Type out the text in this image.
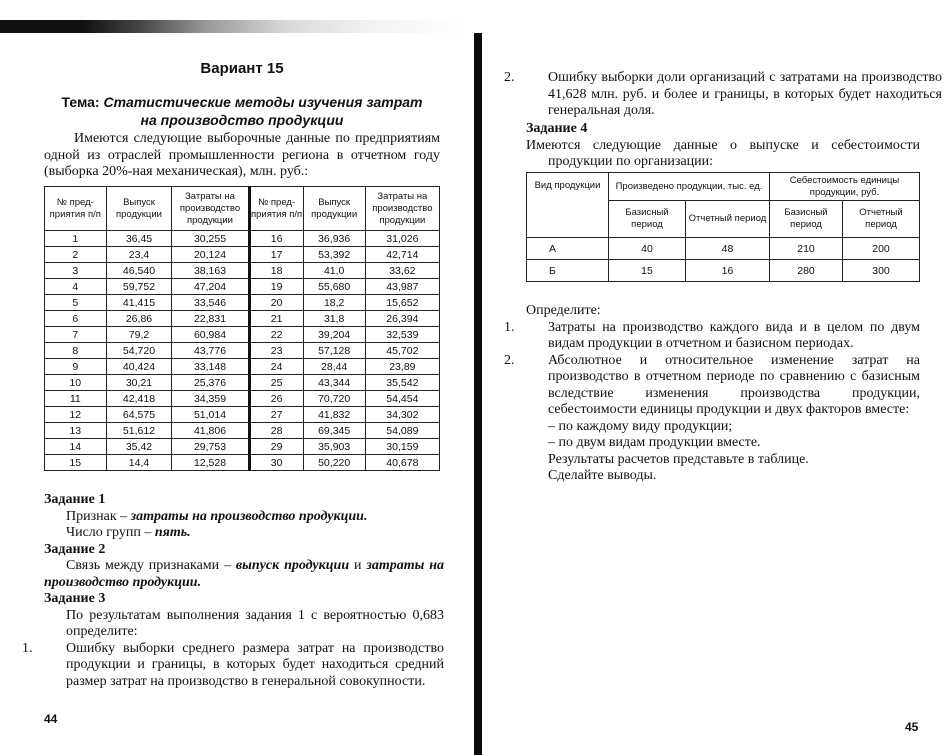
Вариант 15
Тема: Статистические методы изучения затрат
на производство продукции
Имеются следующие выборочные данные по предприятиям одной из отраслей промышленности региона в отчетном году (выборка 20%-ная механическая), млн. руб.:
№ пред-приятия п/п	Выпуск продукции	Затраты на производство продукции	№ пред-приятия п/п	Выпуск продукции	Затраты на производство продукции
1	36,45	30,255	16	36,936	31,026
2	23,4	20,124	17	53,392	42,714
3	46,540	38,163	18	41,0	33,62
4	59,752	47,204	19	55,680	43,987
5	41,415	33,546	20	18,2	15,652
6	26,86	22,831	21	31,8	26,394
7	79,2	60,984	22	39,204	32,539
8	54,720	43,776	23	57,128	45,702
9	40,424	33,148	24	28,44	23,89
10	30,21	25,376	25	43,344	35,542
11	42,418	34,359	26	70,720	54,454
12	64,575	51,014	27	41,832	34,302
13	51,612	41,806	28	69,345	54,089
14	35,42	29,753	29	35,903	30,159
15	14,4	12,528	30	50,220	40,678
Задание 1
Признак – затраты на производство продукции.
Число групп – пять.
Задание 2
Связь между признаками – выпуск продукции и затраты на производство продукции.
Задание 3
По результатам выполнения задания 1 с вероятностью 0,683 определите:
1. Ошибку выборки среднего размера затрат на производство продукции и границы, в которых будет находиться средний размер затрат на производство в генеральной совокупности.
44
2. Ошибку выборки доли организаций с затратами на производство 41,628 млн. руб. и более и границы, в которых будет находиться генеральная доля.
Задание 4
Имеются следующие данные о выпуске и себестоимости продукции по организации:
Вид продукции	Произведено продукции, тыс. ед.		Себестоимость единицы продукции, руб.	
	Базисный период	Отчетный период	Базисный период	Отчетный период
А	40	48	210	200
Б	15	16	280	300
Определите:
1. Затраты на производство каждого вида и в целом по двум видам продукции в отчетном и базисном периодах.
2. Абсолютное и относительное изменение затрат на производство в отчетном периоде по сравнению с базисным вследствие изменения производства продукции, себестоимости единицы продукции и двух факторов вместе:
– по каждому виду продукции;
– по двум видам продукции вместе.
Результаты расчетов представьте в таблице.
Сделайте выводы.
45
